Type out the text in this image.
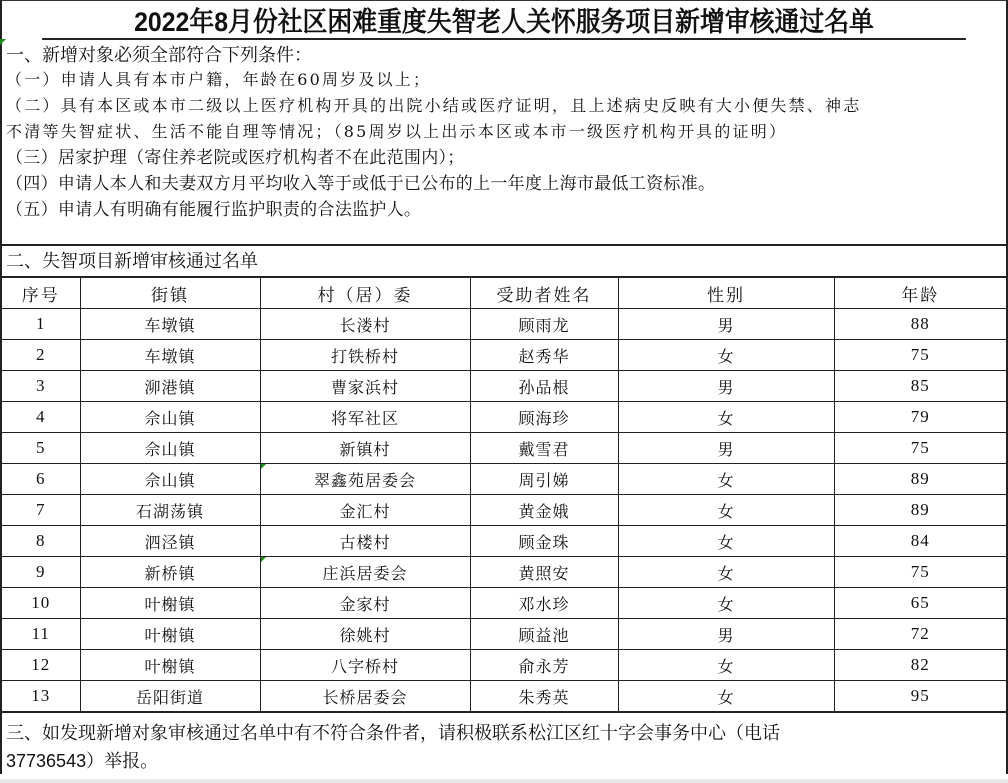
2022年8月份社区困难重度失智老人关怀服务项目新增审核通过名单
一、新增对象必须全部符合下列条件：
（一）申请人具有本市户籍，年龄在60周岁及以上；
（二）具有本区或本市二级以上医疗机构开具的出院小结或医疗证明，且上述病史反映有大小便失禁、神志
不清等失智症状、生活不能自理等情况；（85周岁以上出示本区或本市一级医疗机构开具的证明）
（三）居家护理（寄住养老院或医疗机构者不在此范围内）；
（四）申请人本人和夫妻双方月平均收入等于或低于已公布的上一年度上海市最低工资标准。
（五）申请人有明确有能履行监护职责的合法监护人。
二、失智项目新增审核通过名单
序号	街镇	村（居）委	受助者姓名	性别	年龄
1	车墩镇	长溇村	顾雨龙	男	88
2	车墩镇	打铁桥村	赵秀华	女	75
3	泖港镇	曹家浜村	孙品根	男	85
4	佘山镇	将军社区	顾海珍	女	79
5	佘山镇	新镇村	戴雪君	男	75
6	佘山镇	翠鑫苑居委会	周引娣	女	89
7	石湖荡镇	金汇村	黄金娥	女	89
8	泗泾镇	古楼村	顾金珠	女	84
9	新桥镇	庄浜居委会	黄照安	女	75
10	叶榭镇	金家村	邓水珍	女	65
11	叶榭镇	徐姚村	顾益池	男	72
12	叶榭镇	八字桥村	俞永芳	女	82
13	岳阳街道	长桥居委会	朱秀英	女	95
三、如发现新增对象审核通过名单中有不符合条件者，请积极联系松江区红十字会事务中心（电话
37736543）举报。
